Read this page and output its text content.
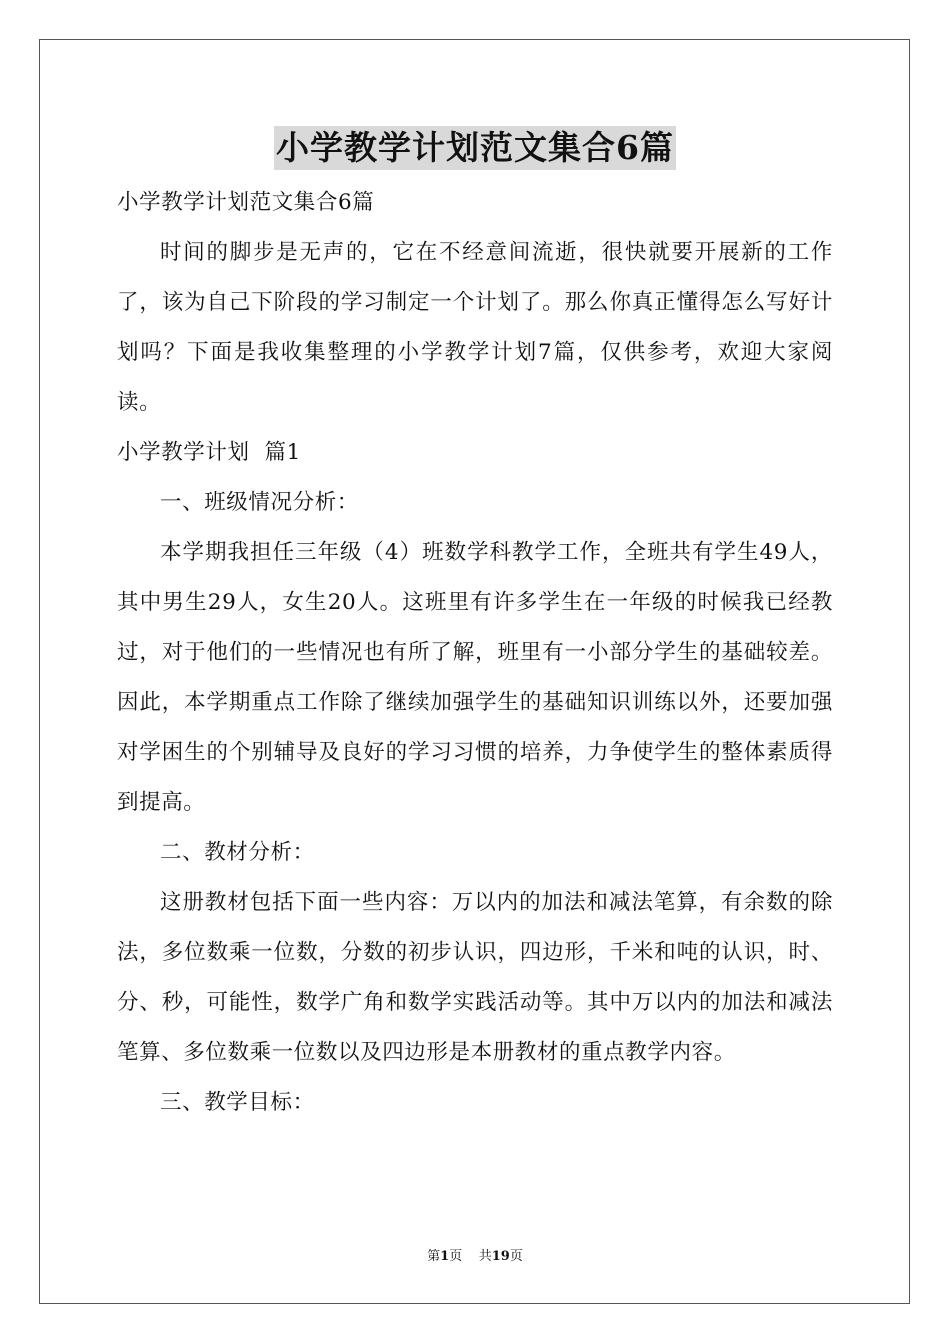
小学教学计划范文集合6篇
小学教学计划范文集合6篇

时间的脚步是无声的，它在不经意间流逝，很快就要开展新的工作了，该为自己下阶段的学习制定一个计划了。那么你真正懂得怎么写好计划吗？下面是我收集整理的小学教学计划7篇，仅供参考，欢迎大家阅读。

小学教学计划  篇1

一、班级情况分析：

本学期我担任三年级（4）班数学科教学工作，全班共有学生49人，其中男生29人，女生20人。这班里有许多学生在一年级的时候我已经教过，对于他们的一些情况也有所了解，班里有一小部分学生的基础较差。因此，本学期重点工作除了继续加强学生的基础知识训练以外，还要加强对学困生的个别辅导及良好的学习习惯的培养，力争使学生的整体素质得到提高。

二、教材分析：

这册教材包括下面一些内容：万以内的加法和减法笔算，有余数的除法，多位数乘一位数，分数的初步认识，四边形，千米和吨的认识，时、分、秒，可能性，数学广角和数学实践活动等。其中万以内的加法和减法笔算、多位数乘一位数以及四边形是本册教材的重点教学内容。

三、教学目标：

第1页 共19页
